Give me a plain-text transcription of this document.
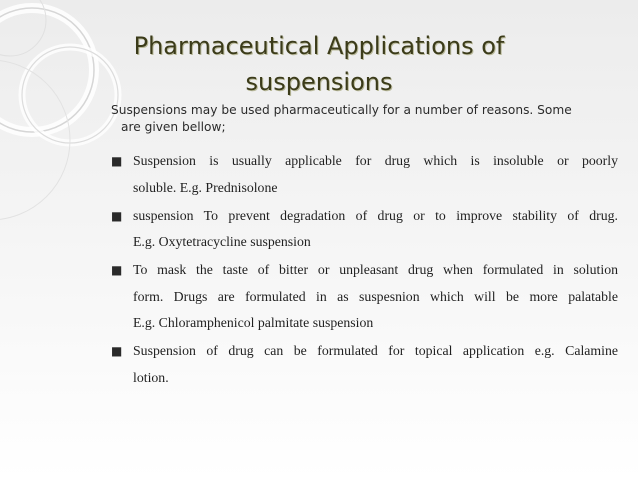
Pharmaceutical Applications of
suspensions

Suspensions may be used pharmaceutically for a number of reasons. Some
are given bellow;

■ Suspension is usually applicable for drug which is insoluble or poorly
soluble. E.g. Prednisolone
■ suspension To prevent degradation of drug or to improve stability of drug.
E.g. Oxytetracycline suspension
■ To mask the taste of bitter or unpleasant drug when formulated in solution
form. Drugs are formulated in as suspesnion which will be more palatable
E.g. Chloramphenicol palmitate suspension
■ Suspension of drug can be formulated for topical application e.g. Calamine
lotion.
